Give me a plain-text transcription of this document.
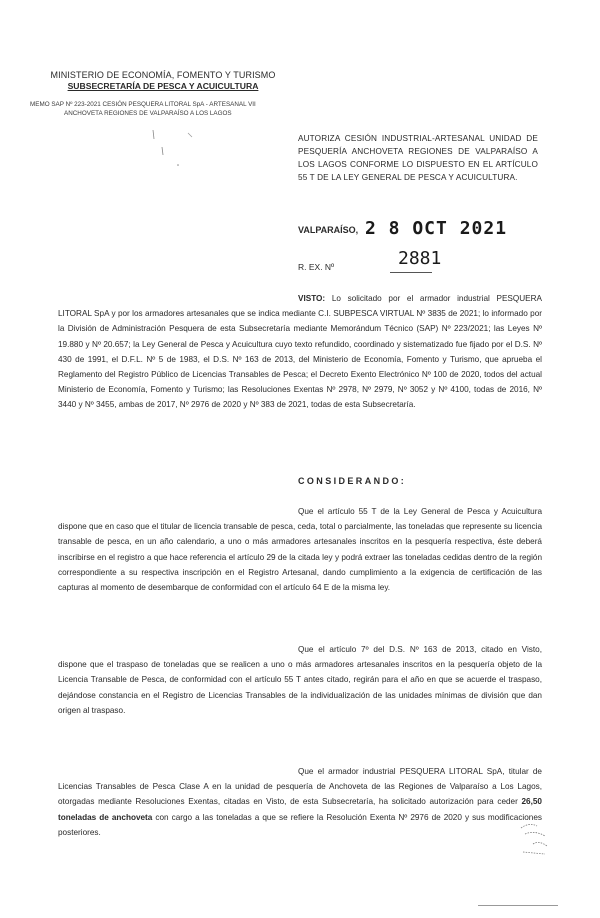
MINISTERIO DE ECONOMÍA, FOMENTO Y TURISMO
SUBSECRETARÍA DE PESCA Y ACUICULTURA
MEMO SAP Nº 223-2021 CESIÓN PESQUERA LITORAL SpA - ARTESANAL VII
ANCHOVETA REGIONES DE VALPARAÍSO A LOS LAGOS
AUTORIZA CESIÓN INDUSTRIAL-ARTESANAL UNIDAD DE PESQUERÍA ANCHOVETA REGIONES DE VALPARAÍSO A LOS LAGOS CONFORME LO DISPUESTO EN EL ARTÍCULO 55 T DE LA LEY GENERAL DE PESCA Y ACUICULTURA.
VALPARAÍSO, 2 8 OCT 2021
R. EX. Nº	2881
VISTO: Lo solicitado por el armador industrial PESQUERA LITORAL SpA y por los armadores artesanales que se indica mediante C.I. SUBPESCA VIRTUAL Nº 3835 de 2021; lo informado por la División de Administración Pesquera de esta Subsecretaría mediante Memorándum Técnico (SAP) Nº 223/2021; las Leyes Nº 19.880 y Nº 20.657; la Ley General de Pesca y Acuicultura cuyo texto refundido, coordinado y sistematizado fue fijado por el D.S. Nº 430 de 1991, el D.F.L. Nº 5 de 1983, el D.S. Nº 163 de 2013, del Ministerio de Economía, Fomento y Turismo, que aprueba el Reglamento del Registro Público de Licencias Transables de Pesca; el Decreto Exento Electrónico Nº 100 de 2020, todos del actual Ministerio de Economía, Fomento y Turismo; las Resoluciones Exentas Nº 2978, Nº 2979, Nº 3052 y Nº 4100, todas de 2016, Nº 3440 y Nº 3455, ambas de 2017, Nº 2976 de 2020 y Nº 383 de 2021, todas de esta Subsecretaría.
CONSIDERANDO:
Que el artículo 55 T de la Ley General de Pesca y Acuicultura dispone que en caso que el titular de licencia transable de pesca, ceda, total o parcialmente, las toneladas que represente su licencia transable de pesca, en un año calendario, a uno o más armadores artesanales inscritos en la pesquería respectiva, éste deberá inscribirse en el registro a que hace referencia el artículo 29 de la citada ley y podrá extraer las toneladas cedidas dentro de la región correspondiente a su respectiva inscripción en el Registro Artesanal, dando cumplimiento a la exigencia de certificación de las capturas al momento de desembarque de conformidad con el artículo 64 E de la misma ley.
Que el artículo 7º del D.S. Nº 163 de 2013, citado en Visto, dispone que el traspaso de toneladas que se realicen a uno o más armadores artesanales inscritos en la pesquería objeto de la Licencia Transable de Pesca, de conformidad con el artículo 55 T antes citado, regirán para el año en que se acuerde el traspaso, dejándose constancia en el Registro de Licencias Transables de la individualización de las unidades mínimas de división que dan origen al traspaso.
Que el armador industrial PESQUERA LITORAL SpA, titular de Licencias Transables de Pesca Clase A en la unidad de pesquería de Anchoveta de las Regiones de Valparaíso a Los Lagos, otorgadas mediante Resoluciones Exentas, citadas en Visto, de esta Subsecretaría, ha solicitado autorización para ceder 26,50 toneladas de anchoveta con cargo a las toneladas a que se refiere la Resolución Exenta Nº 2976 de 2020 y sus modificaciones posteriores.
